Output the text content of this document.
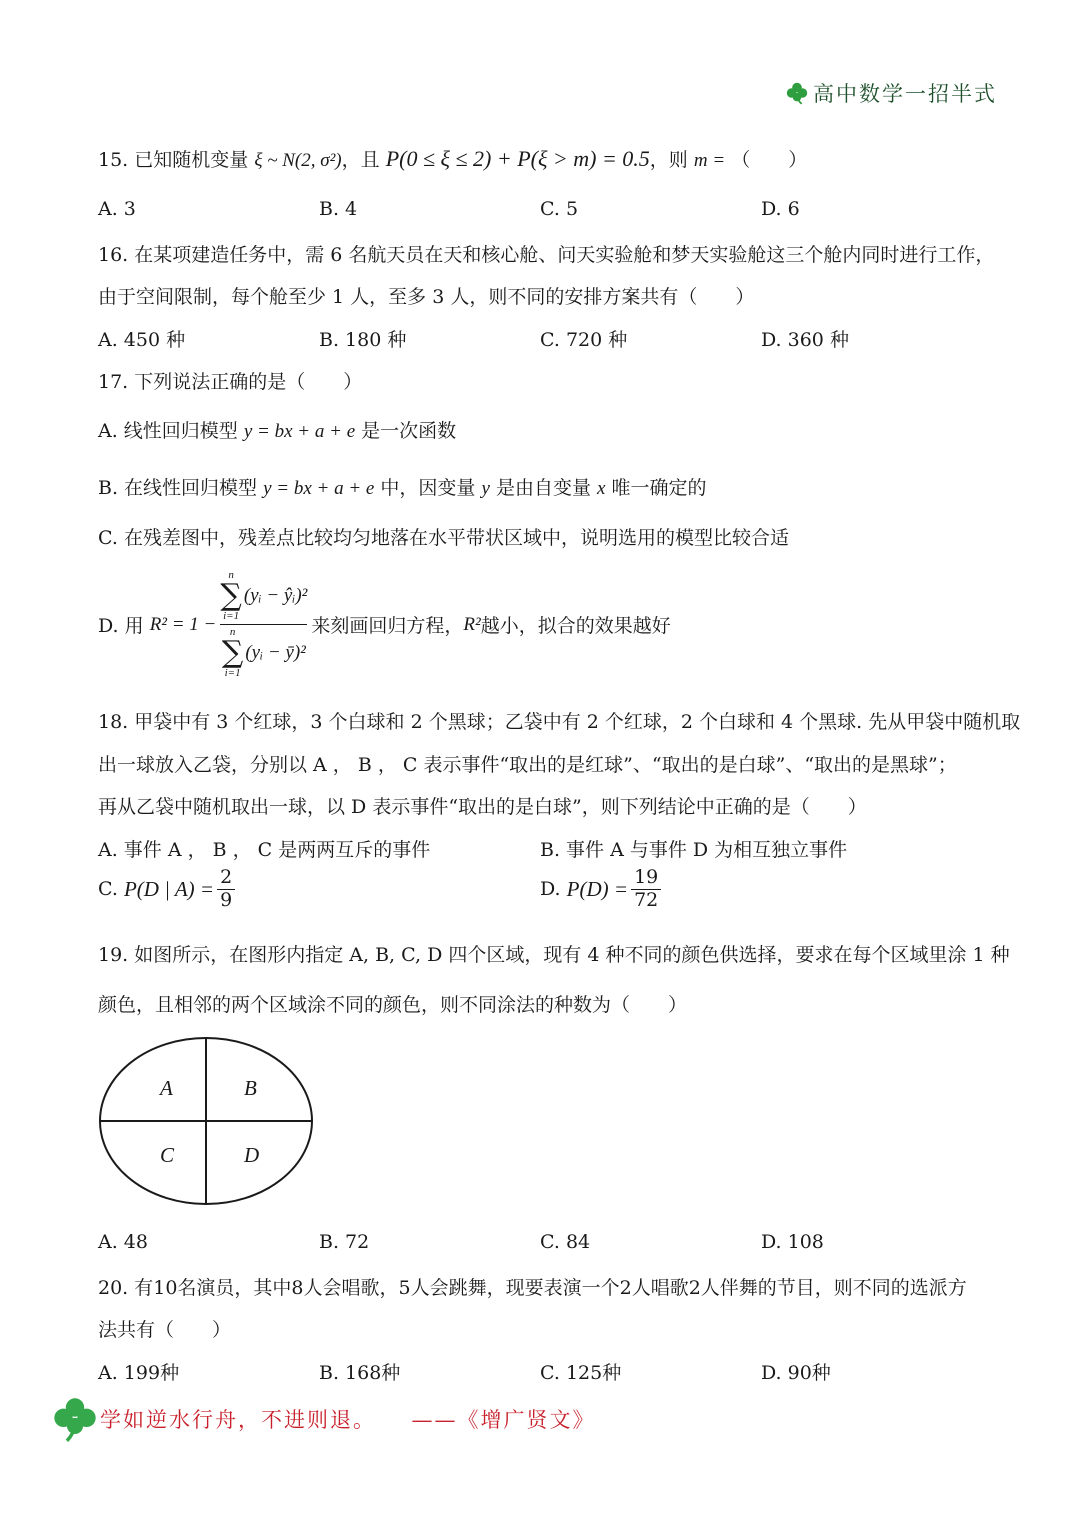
高中数学一招半式
15. 已知随机变量 ξ ~ N(2, σ²)，且 P(0 ≤ ξ ≤ 2) + P(ξ > m) = 0.5，则 m = （　　）
A. 3	B. 4	C. 5	D. 6
16. 在某项建造任务中，需 6 名航天员在天和核心舱、问天实验舱和梦天实验舱这三个舱内同时进行工作，
由于空间限制，每个舱至少 1 人，至多 3 人，则不同的安排方案共有（　　）
A. 450 种	B. 180 种	C. 720 种	D. 360 种
17. 下列说法正确的是（　　）
A. 线性回归模型 y = bx + a + e 是一次函数
B. 在线性回归模型 y = bx + a + e 中，因变量 y 是由自变量 x 唯一确定的
C. 在残差图中，残差点比较均匀地落在水平带状区域中，说明选用的模型比较合适
D. 用
R² = 1 −
n
∑
i=1
(yᵢ − ŷᵢ)²
n
∑
i=1
(yᵢ − ȳ)²
来刻画回归方程， R² 越小，拟合的效果越好
18. 甲袋中有 3 个红球，3 个白球和 2 个黑球；乙袋中有 2 个红球，2 个白球和 4 个黑球. 先从甲袋中随机取
出一球放入乙袋，分别以 A ， B ， C 表示事件“取出的是红球”、“取出的是白球”、“取出的是黑球”；
再从乙袋中随机取出一球，以 D 表示事件“取出的是白球”，则下列结论中正确的是（　　）
A. 事件 A ， B ， C 是两两互斥的事件	B. 事件 A 与事件 D 为相互独立事件
C.
P(D | $A) = \frac{2}{9}$	D.
$P(D) = \frac{19}{72}$
19. 如图所示，在图形内指定 A, B, C, D 四个区域，现有 4 种不同的颜色供选择，要求在每个区域里涂 1 种
颜色，且相邻的两个区域涂不同的颜色，则不同涂法的种数为（　　）
A	B
C	D
A. 48	B. 72	C. 84	D. 108
20. 有10名演员，其中8人会唱歌，5人会跳舞，现要表演一个2人唱歌2人伴舞的节目，则不同的选派方
法共有（　　）
A. 199种	B. 168种	C. 125种	D. 90种
学如逆水行舟，不进则退。　　——《增广贤文》
